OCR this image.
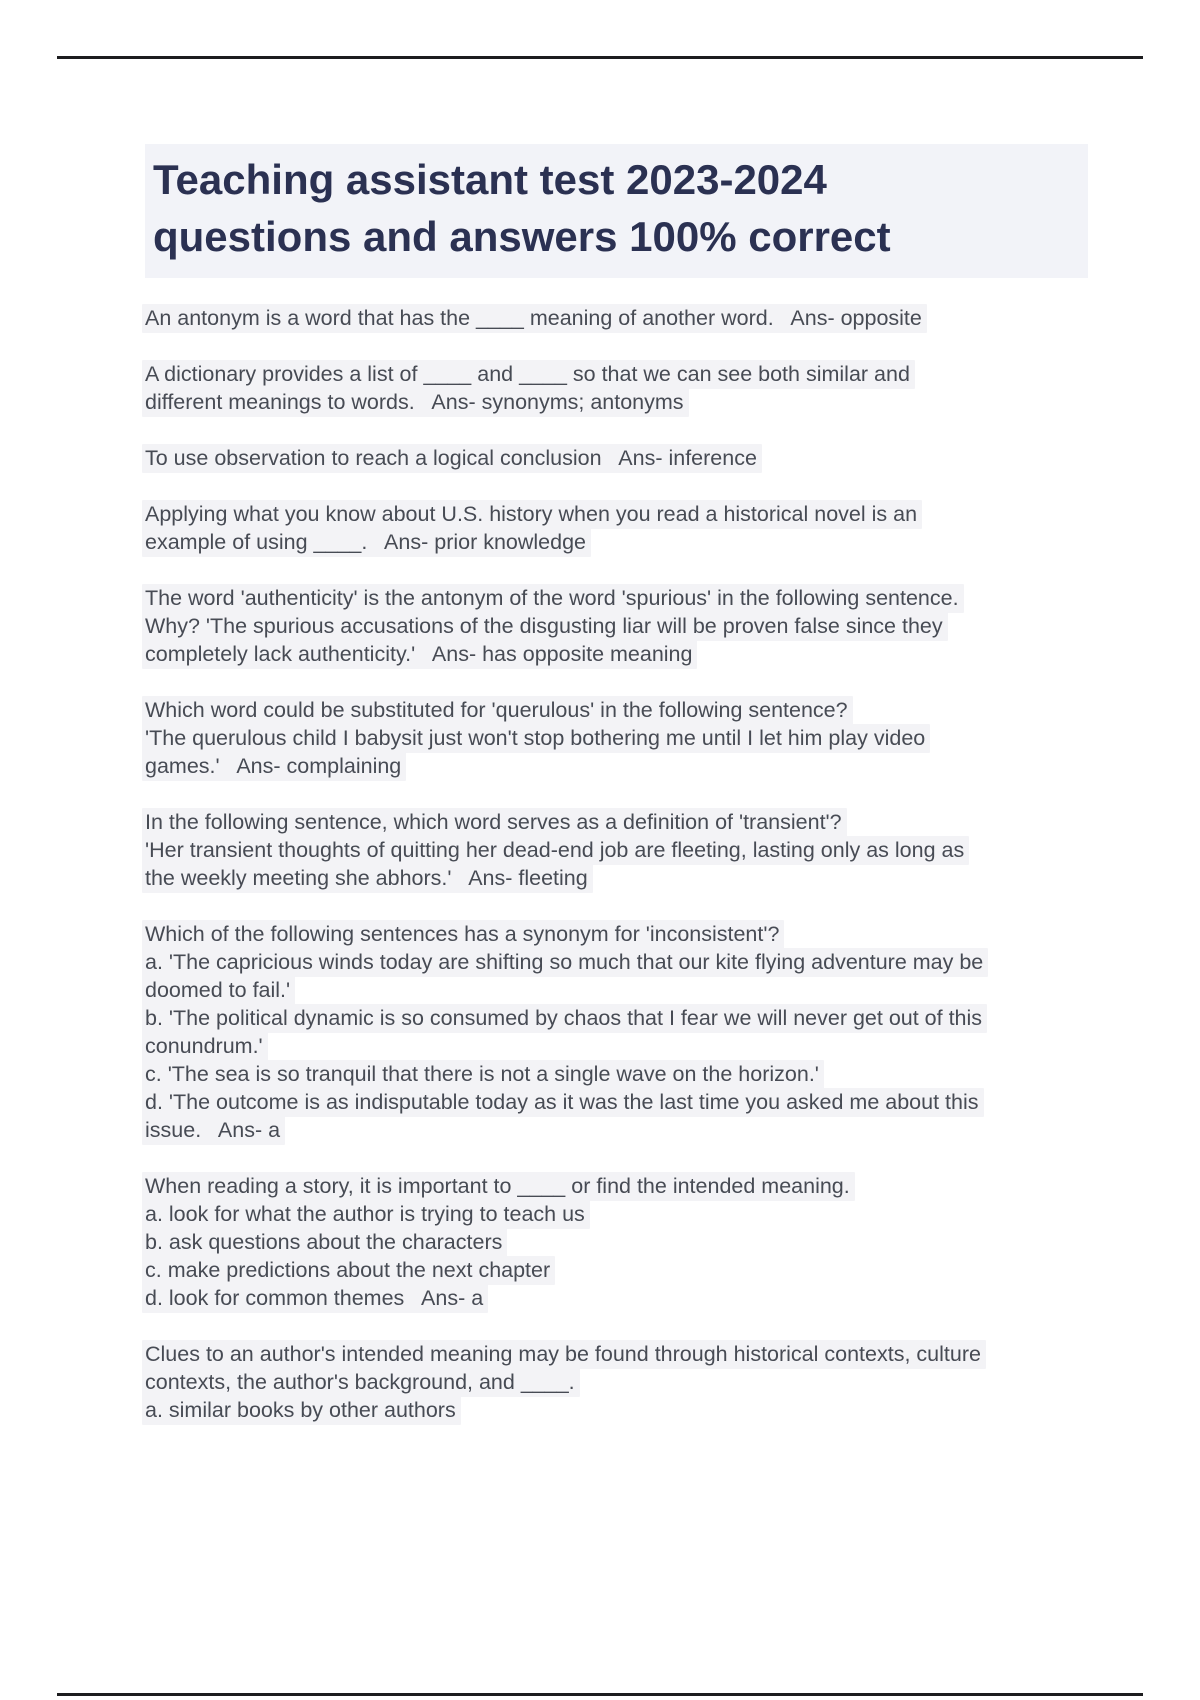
Teaching assistant test 2023-2024
questions and answers 100% correct
An antonym is a word that has the ____ meaning of another word.   Ans- opposite
A dictionary provides a list of ____ and ____ so that we can see both similar and
different meanings to words.   Ans- synonyms; antonyms
To use observation to reach a logical conclusion   Ans- inference
Applying what you know about U.S. history when you read a historical novel is an
example of using ____.   Ans- prior knowledge
The word 'authenticity' is the antonym of the word 'spurious' in the following sentence.
Why? 'The spurious accusations of the disgusting liar will be proven false since they
completely lack authenticity.'   Ans- has opposite meaning
Which word could be substituted for 'querulous' in the following sentence?
'The querulous child I babysit just won't stop bothering me until I let him play video
games.'   Ans- complaining
In the following sentence, which word serves as a definition of 'transient'?
'Her transient thoughts of quitting her dead-end job are fleeting, lasting only as long as
the weekly meeting she abhors.'   Ans- fleeting
Which of the following sentences has a synonym for 'inconsistent'?
a. 'The capricious winds today are shifting so much that our kite flying adventure may be
doomed to fail.'
b. 'The political dynamic is so consumed by chaos that I fear we will never get out of this
conundrum.'
c. 'The sea is so tranquil that there is not a single wave on the horizon.'
d. 'The outcome is as indisputable today as it was the last time you asked me about this
issue.   Ans- a
When reading a story, it is important to ____ or find the intended meaning.
a. look for what the author is trying to teach us
b. ask questions about the characters
c. make predictions about the next chapter
d. look for common themes   Ans- a
Clues to an author's intended meaning may be found through historical contexts, culture
contexts, the author's background, and ____.
a. similar books by other authors
